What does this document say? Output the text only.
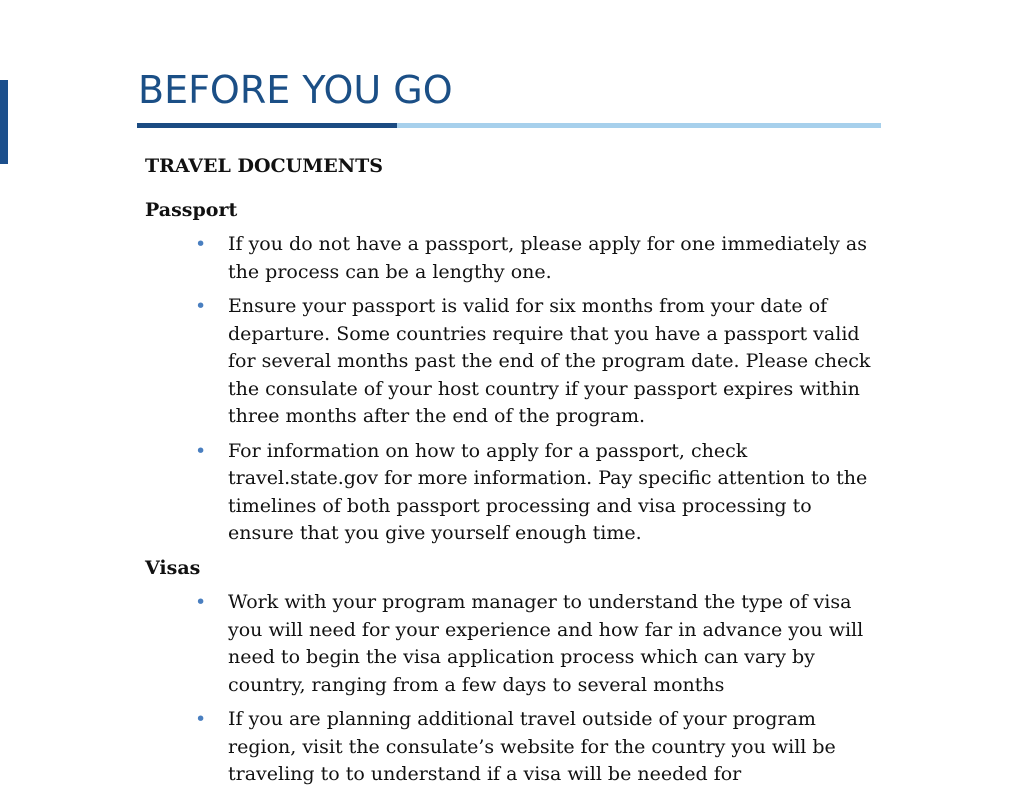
BEFORE YOU GO
TRAVEL DOCUMENTS
Passport
• If you do not have a passport, please apply for one immediately as the process can be a lengthy one.
• Ensure your passport is valid for six months from your date of departure. Some countries require that you have a passport valid for several months past the end of the program date. Please check the consulate of your host country if your passport expires within three months after the end of the program.
• For information on how to apply for a passport, check travel.state.gov for more information. Pay specific attention to the timelines of both passport processing and visa processing to ensure that you give yourself enough time.
Visas
• Work with your program manager to understand the type of visa you will need for your experience and how far in advance you will need to begin the visa application process which can vary by country, ranging from a few days to several months
• If you are planning additional travel outside of your program region, visit the consulate’s website for the country you will be traveling to to understand if a visa will be needed for
